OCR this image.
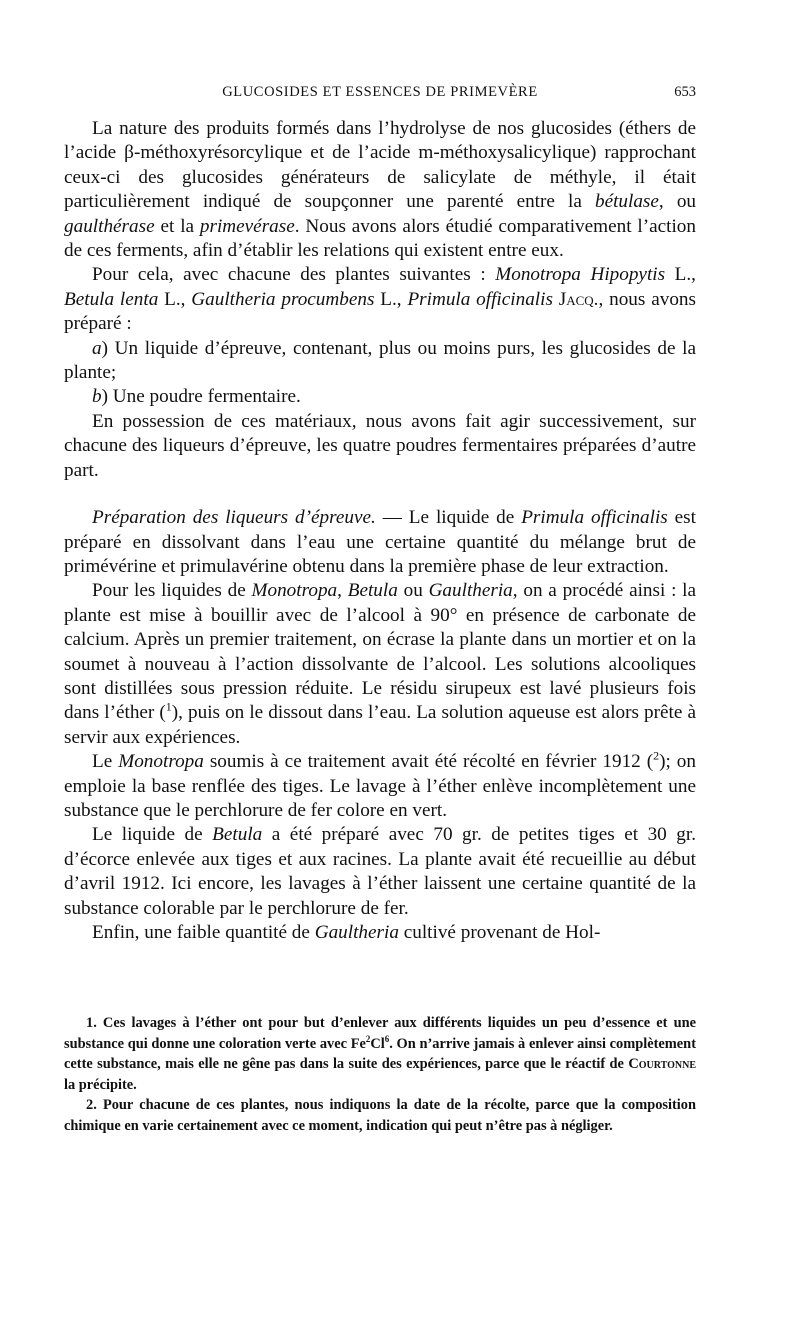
GLUCOSIDES ET ESSENCES DE PRIMEVÈRE	653

La nature des produits formés dans l’hydrolyse de nos glucosides (éthers de l’acide β-méthoxyrésorcylique et de l’acide m-méthoxysalicylique) rapprochant ceux-ci des glucosides générateurs de salicylate de méthyle, il était particulièrement indiqué de soupçonner une parenté entre la bétulase, ou gaulthérase et la primevérase. Nous avons alors étudié comparativement l’action de ces ferments, afin d’établir les relations qui existent entre eux.

Pour cela, avec chacune des plantes suivantes : Monotropa Hipopytis L., Betula lenta L., Gaultheria procumbens L., Primula officinalis Jacq., nous avons préparé :

a) Un liquide d’épreuve, contenant, plus ou moins purs, les glucosides de la plante;

b) Une poudre fermentaire.

En possession de ces matériaux, nous avons fait agir successivement, sur chacune des liqueurs d’épreuve, les quatre poudres fermentaires préparées d’autre part.

Préparation des liqueurs d’épreuve. — Le liquide de Primula officinalis est préparé en dissolvant dans l’eau une certaine quantité du mélange brut de primévérine et primulavérine obtenu dans la première phase de leur extraction.

Pour les liquides de Monotropa, Betula ou Gaultheria, on a procédé ainsi : la plante est mise à bouillir avec de l’alcool à 90° en présence de carbonate de calcium. Après un premier traitement, on écrase la plante dans un mortier et on la soumet à nouveau à l’action dissolvante de l’alcool. Les solutions alcooliques sont distillées sous pression réduite. Le résidu sirupeux est lavé plusieurs fois dans l’éther ($^1$), puis on le dissout dans l’eau. La solution aqueuse est alors prête à servir aux expériences.

Le Monotropa soumis à ce traitement avait été récolté en février 1912 ($^2$); on emploie la base renflée des tiges. Le lavage à l’éther enlève incomplètement une substance que le perchlorure de fer colore en vert.

Le liquide de Betula a été préparé avec 70 gr. de petites tiges et 30 gr. d’écorce enlevée aux tiges et aux racines. La plante avait été recueillie au début d’avril 1912. Ici encore, les lavages à l’éther laissent une certaine quantité de la substance colorable par le perchlorure de fer.

Enfin, une faible quantité de Gaultheria cultivé provenant de Hol-

1. Ces lavages à l’éther ont pour but d’enlever aux différents liquides un peu d’essence et une substance qui donne une coloration verte avec Fe$^2$Cl$^6$. On n’arrive jamais à enlever ainsi complètement cette substance, mais elle ne gêne pas dans la suite des expériences, parce que le réactif de Courtonne la précipite.

2. Pour chacune de ces plantes, nous indiquons la date de la récolte, parce que la composition chimique en varie certainement avec ce moment, indication qui peut n’être pas à négliger.
